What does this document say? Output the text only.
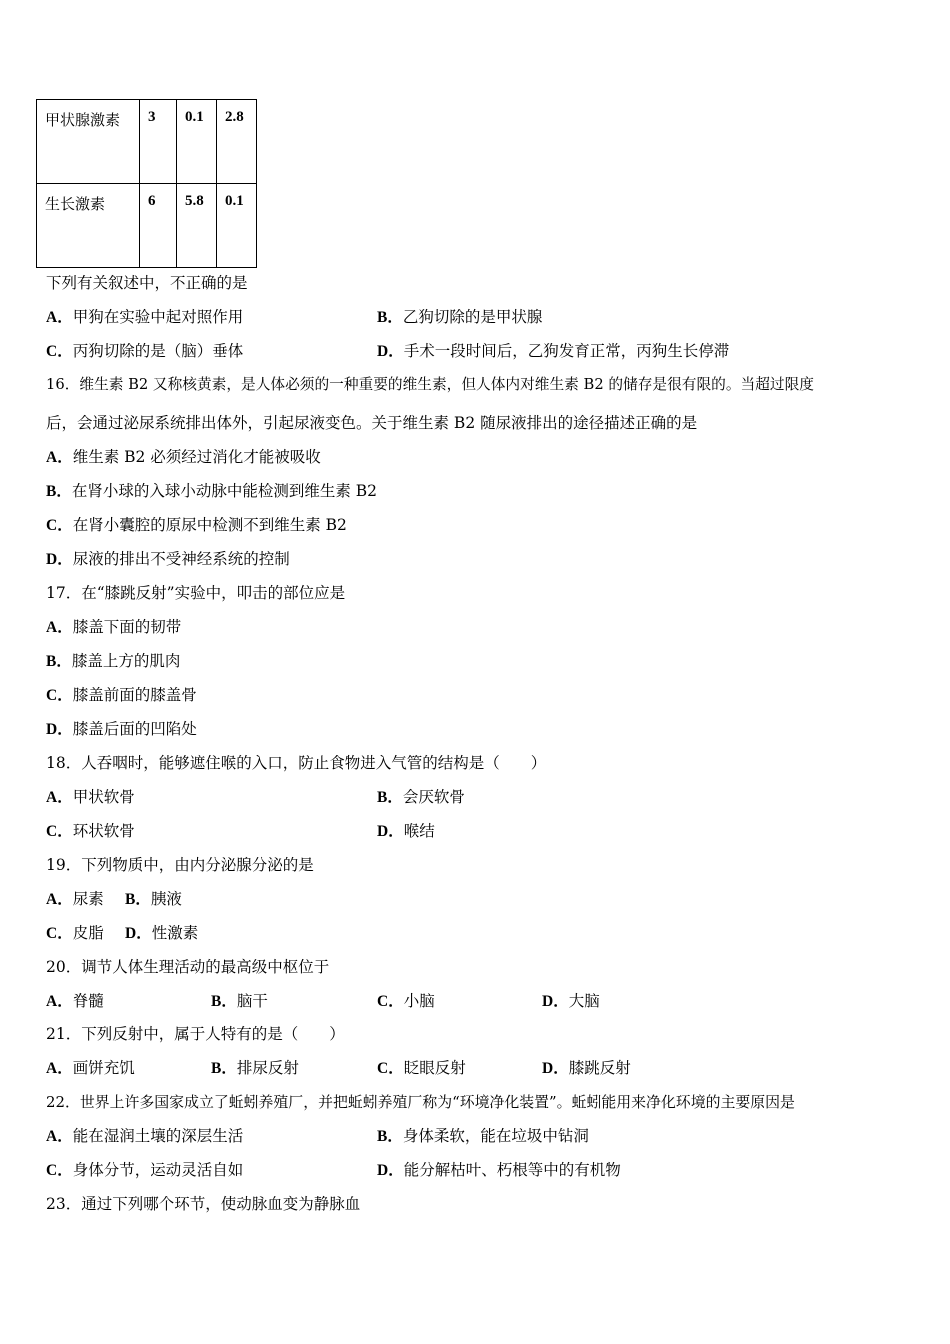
甲状腺激素	3	0.1	2.8
生长激素	6	5.8	0.1
下列有关叙述中，不正确的是
A．甲狗在实验中起对照作用	B．乙狗切除的是甲状腺
C．丙狗切除的是（脑）垂体	D．手术一段时间后，乙狗发育正常，丙狗生长停滞
16．维生素 B2 又称核黄素，是人体必须的一种重要的维生素，但人体内对维生素 B2 的储存是很有限的。当超过限度
后，会通过泌尿系统排出体外，引起尿液变色。关于维生素 B2 随尿液排出的途径描述正确的是
A．维生素 B2 必须经过消化才能被吸收
B．在肾小球的入球小动脉中能检测到维生素 B2
C．在肾小囊腔的原尿中检测不到维生素 B2
D．尿液的排出不受神经系统的控制
17．在“膝跳反射”实验中，叩击的部位应是
A．膝盖下面的韧带
B．膝盖上方的肌肉
C．膝盖前面的膝盖骨
D．膝盖后面的凹陷处
18．人吞咽时，能够遮住喉的入口，防止食物进入气管的结构是（　　）
A．甲状软骨	B．会厌软骨
C．环状软骨	D．喉结
19．下列物质中，由内分泌腺分泌的是
A．尿素 B．胰液
C．皮脂 D．性激素
20．调节人体生理活动的最高级中枢位于
A．脊髓	B．脑干	C．小脑	D．大脑
21．下列反射中，属于人特有的是（　　）
A．画饼充饥	B．排尿反射	C．眨眼反射	D．膝跳反射
22．世界上许多国家成立了蚯蚓养殖厂，并把蚯蚓养殖厂称为“环境净化装置”。蚯蚓能用来净化环境的主要原因是
A．能在湿润土壤的深层生活	B．身体柔软，能在垃圾中钻洞
C．身体分节，运动灵活自如	D．能分解枯叶、朽根等中的有机物
23．通过下列哪个环节，使动脉血变为静脉血
